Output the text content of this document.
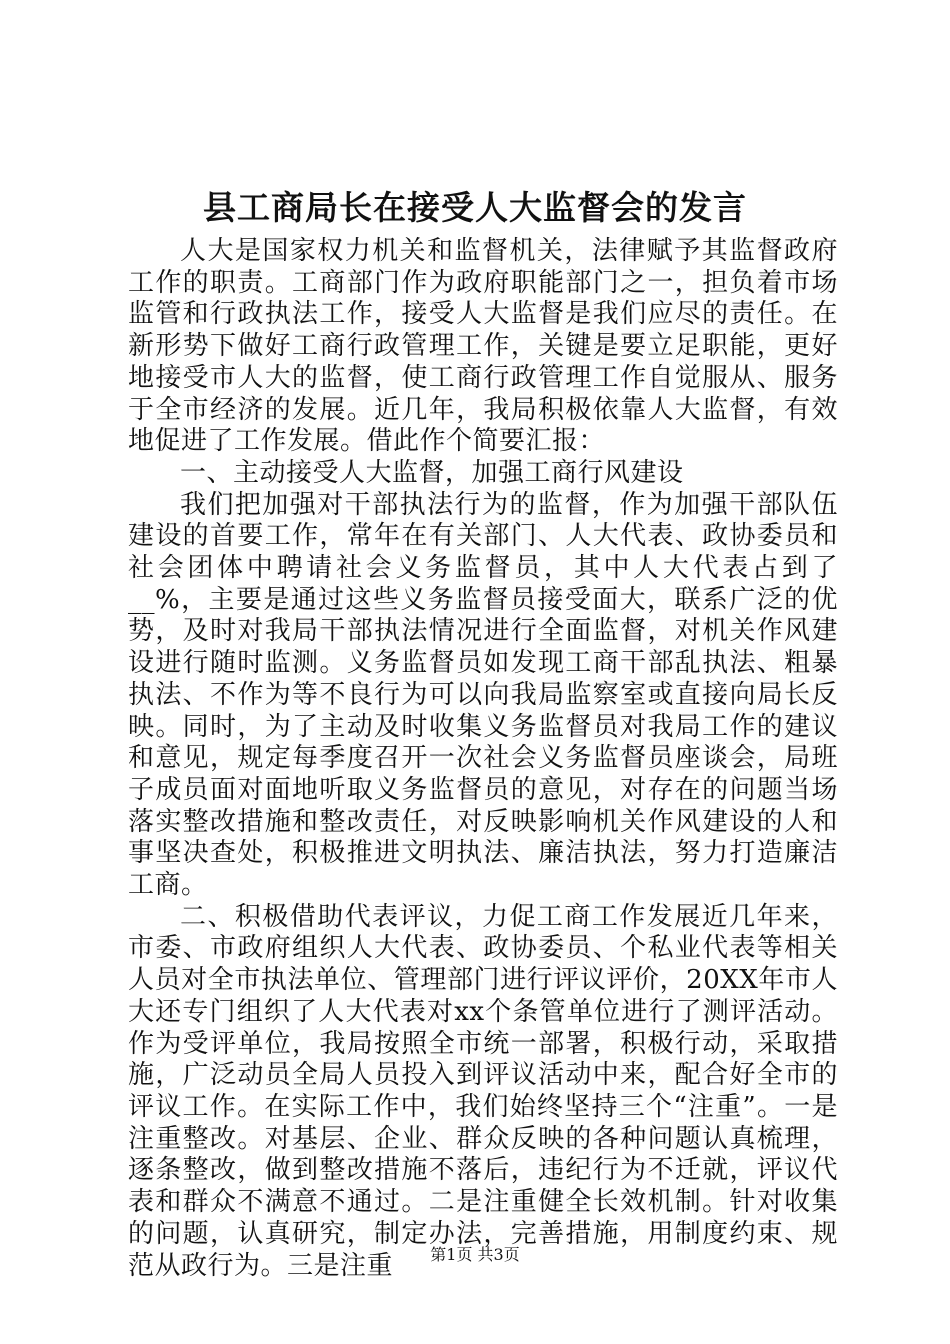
县工商局长在接受人大监督会的发言

人大是国家权力机关和监督机关，法律赋予其监督政府工作的职责。工商部门作为政府职能部门之一，担负着市场监管和行政执法工作，接受人大监督是我们应尽的责任。在新形势下做好工商行政管理工作，关键是要立足职能，更好地接受市人大的监督，使工商行政管理工作自觉服从、服务于全市经济的发展。近几年，我局积极依靠人大监督，有效地促进了工作发展。借此作个简要汇报：

一、主动接受人大监督，加强工商行风建设

我们把加强对干部执法行为的监督，作为加强干部队伍建设的首要工作，常年在有关部门、人大代表、政协委员和社会团体中聘请社会义务监督员，其中人大代表占到了__%，主要是通过这些义务监督员接受面大，联系广泛的优势，及时对我局干部执法情况进行全面监督，对机关作风建设进行随时监测。义务监督员如发现工商干部乱执法、粗暴执法、不作为等不良行为可以向我局监察室或直接向局长反映。同时，为了主动及时收集义务监督员对我局工作的建议和意见，规定每季度召开一次社会义务监督员座谈会，局班子成员面对面地听取义务监督员的意见，对存在的问题当场落实整改措施和整改责任，对反映影响机关作风建设的人和事坚决查处，积极推进文明执法、廉洁执法，努力打造廉洁工商。

二、积极借助代表评议，力促工商工作发展近几年来，市委、市政府组织人大代表、政协委员、个私业代表等相关人员对全市执法单位、管理部门进行评议评价，20XX年市人大还专门组织了人大代表对xx个条管单位进行了测评活动。作为受评单位，我局按照全市统一部署，积极行动，采取措施，广泛动员全局人员投入到评议活动中来，配合好全市的评议工作。在实际工作中，我们始终坚持三个“注重”。一是注重整改。对基层、企业、群众反映的各种问题认真梳理，逐条整改，做到整改措施不落后，违纪行为不迁就，评议代表和群众不满意不通过。二是注重健全长效机制。针对收集的问题，认真研究，制定办法，完善措施，用制度约束、规范从政行为。三是注重	第1页 共3页
